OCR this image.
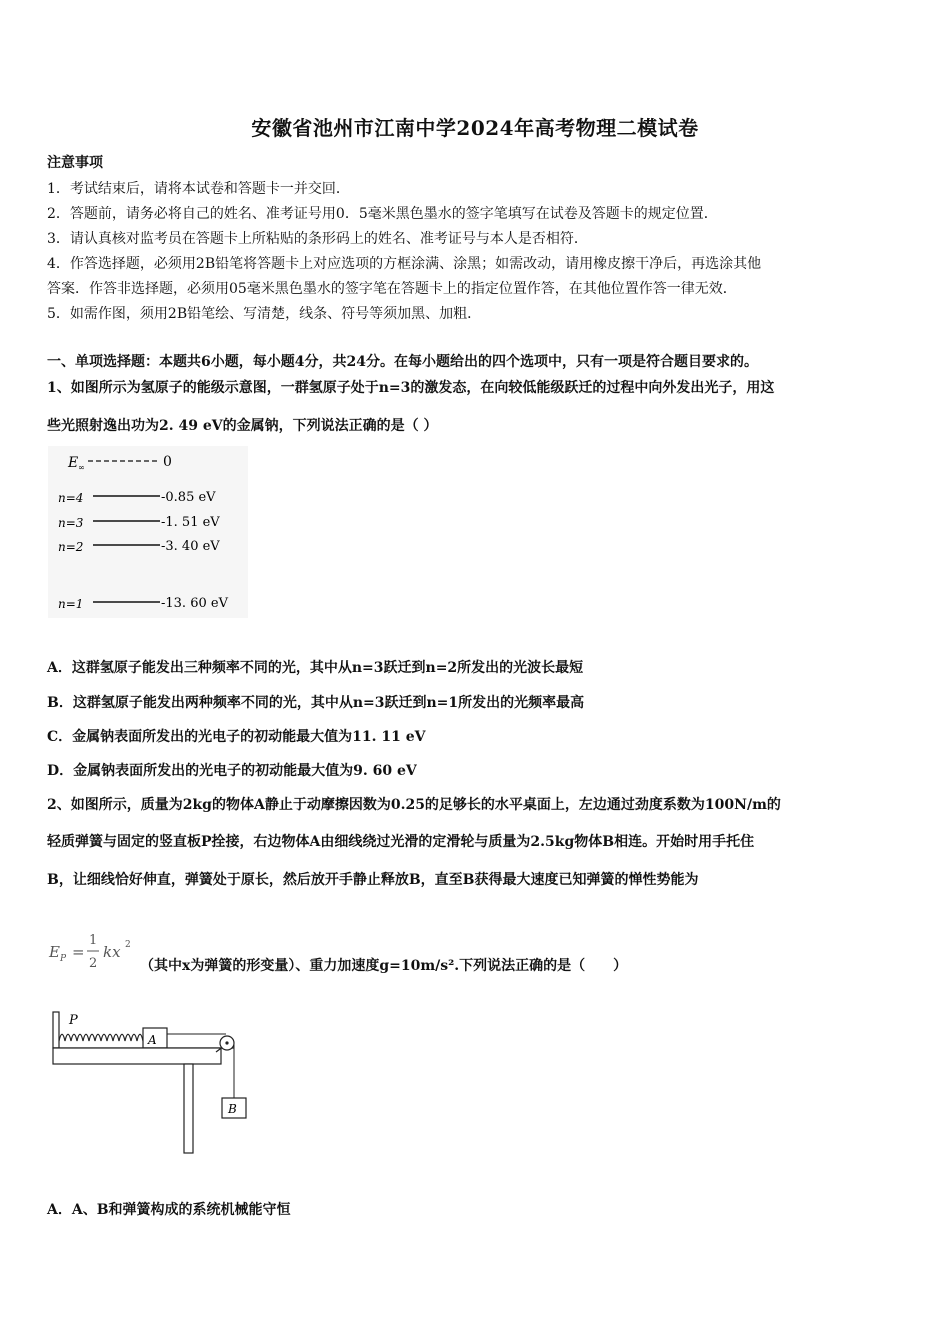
安徽省池州市江南中学2024年高考物理二模试卷

注意事项

1．考试结束后，请将本试卷和答题卡一并交回．

2．答题前，请务必将自己的姓名、准考证号用0．5毫米黑色墨水的签字笔填写在试卷及答题卡的规定位置．

3．请认真核对监考员在答题卡上所粘贴的条形码上的姓名、准考证号与本人是否相符．

4．作答选择题，必须用2B铅笔将答题卡上对应选项的方框涂满、涂黑；如需改动，请用橡皮擦干净后，再选涂其他

答案．作答非选择题，必须用05毫米黑色墨水的签字笔在答题卡上的指定位置作答，在其他位置作答一律无效．

5．如需作图，须用2B铅笔绘、写清楚，线条、符号等须加黑、加粗．

一、单项选择题：本题共6小题，每小题4分，共24分。在每小题给出的四个选项中，只有一项是符合题目要求的。

1、如图所示为氢原子的能级示意图，一群氢原子处于n=3的激发态，在向较低能级跃迁的过程中向外发出光子，用这

些光照射逸出功为2. 49 eV的金属钠，下列说法正确的是（ ）

E ∞	0
n=4	-0.85 eV
n=3	-1. 51 eV
n=2	-3. 40 eV
n=1	-13. 60 eV

A．这群氢原子能发出三种频率不同的光，其中从n=3跃迁到n=2所发出的光波长最短

B．这群氢原子能发出两种频率不同的光，其中从n=3跃迁到n=1所发出的光频率最高

C．金属钠表面所发出的光电子的初动能最大值为11. 11 eV

D．金属钠表面所发出的光电子的初动能最大值为9. 60 eV

2、如图所示，质量为2kg的物体A静止于动摩擦因数为0.25的足够长的水平桌面上，左边通过劲度系数为100N/m的

轻质弹簧与固定的竖直板P拴接，右边物体A由细线绕过光滑的定滑轮与质量为2.5kg物体B相连。开始时用手托住

B，让细线恰好伸直，弹簧处于原长，然后放开手静止释放B，直至B获得最大速度已知弹簧的惮性势能为

E P =
1
2
kx 2

（其中x为弹簧的形变量）、重力加速度g=10m/s².下列说法正确的是（　　）

P
A
B

A．A、B和弹簧构成的系统机械能守恒
